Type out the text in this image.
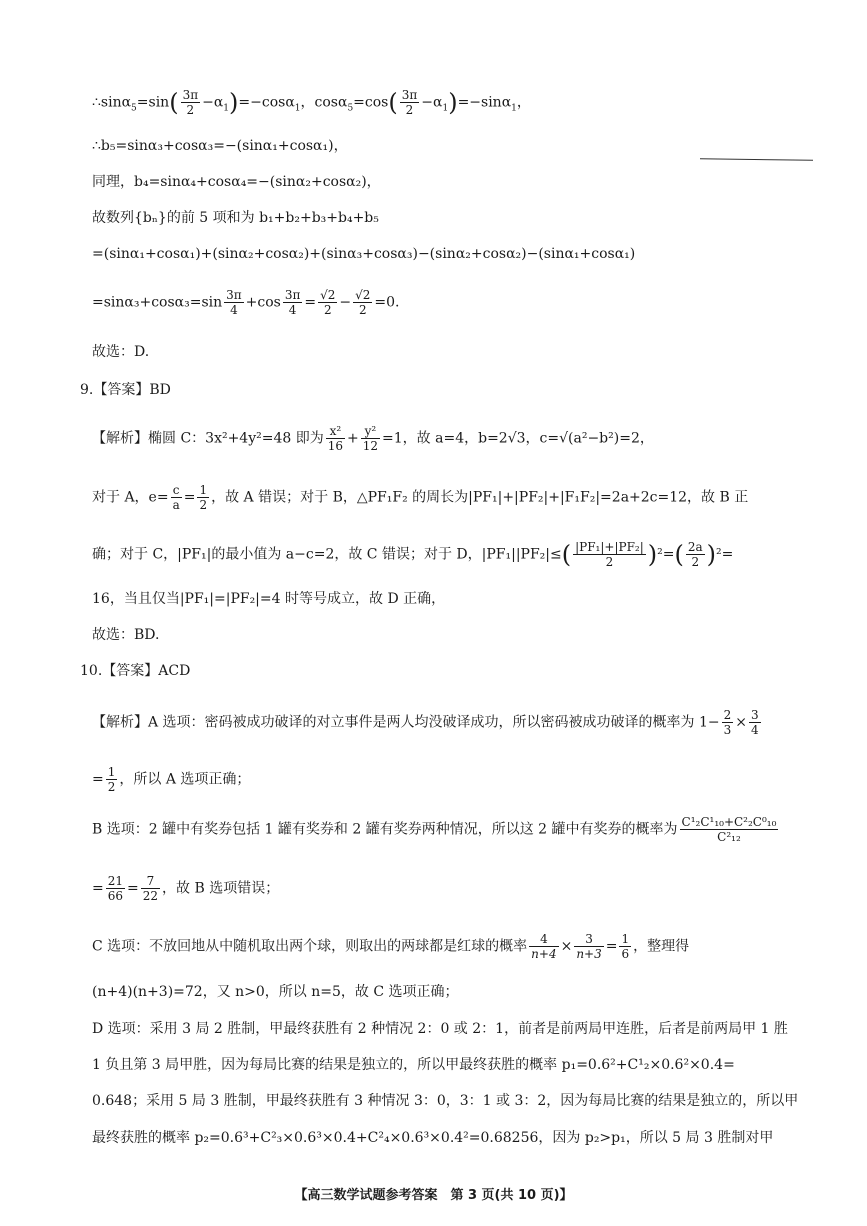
∴sinα$_5$=sin( $\frac{3\pi}{2} -\alpha_1)=-\cos\alpha_1$，$\cos\alpha_5=\cos( \frac{3\pi}{2} -\alpha_1)=-\sin\alpha_1$，
∴b₅=sinα₃+cosα₃=−(sinα₁+cosα₁)，
同理，b₄=sinα₄+cosα₄=−(sinα₂+cosα₂)，
故数列{bₙ}的前 5 项和为 b₁+b₂+b₃+b₄+b₅
=(sinα₁+cosα₁)+(sinα₂+cosα₂)+(sinα₃+cosα₃)−(sinα₂+cosα₂)−(sinα₁+cosα₁)
$=\sin\alpha_3+\cos\alpha_3=\sin \frac{3\pi}{4} +\cos \frac{3\pi}{4} = \frac{√2}{2} - \frac{√2}{2} =0$.
故选：D.
9.【答案】BD
【解析】椭圆 C：3x²+4y²=48 即为 $\frac{\text{x²}}{16} + \frac{\text{y²}}{12} =1$，故 a=4，b=2√3，c=√(a²−b²)=2，
对于 A，$e= \frac{c}{a} = \frac{1}{2}$ ，故 A 错误；对于 B，△PF₁F₂ 的周长为|PF₁|+|PF₂|+|F₁F₂|=2a+2c=12，故 B 正
确；对于 C，|PF₁|的最小值为 a−c=2，故 C 错误；对于 D，$|PF_1||PF_2|\le( \frac{\text{|PF₁|+|PF₂|}}{2} )^2=( \frac{2a}{2} )^2=$
16，当且仅当|PF₁|=|PF₂|=4 时等号成立，故 D 正确，
故选：BD.
10.【答案】ACD
【解析】A 选项：密码被成功破译的对立事件是两人均没破译成功，所以密码被成功破译的概率为 $1- \frac{2}{3} \times \frac{3}{4}$
= $\frac{1}{2}$ ，所以 A 选项正确；
B 选项：2 罐中有奖券包括 1 罐有奖券和 2 罐有奖券两种情况，所以这 2 罐中有奖券的概率为 $\frac{\text{C¹₂C¹₁₀+C²₂C⁰₁₀}}{\text{C²₁₂}}$
= $\frac{21}{66} = \frac{7}{22}$ ，故 B 选项错误；
C 选项：不放回地从中随机取出两个球，则取出的两球都是红球的概率 $\frac{4}{n+4} \times \frac{3}{n+3} = \frac{1}{6}$ ，整理得
(n+4)(n+3)=72，又 n>0，所以 n=5，故 C 选项正确；
D 选项：采用 3 局 2 胜制，甲最终获胜有 2 种情况 2：0 或 2：1，前者是前两局甲连胜，后者是前两局甲 1 胜
1 负且第 3 局甲胜，因为每局比赛的结果是独立的，所以甲最终获胜的概率 p₁=0.6²+C¹₂×0.6²×0.4=
0.648；采用 5 局 3 胜制，甲最终获胜有 3 种情况 3：0，3：1 或 3：2，因为每局比赛的结果是独立的，所以甲
最终获胜的概率 p₂=0.6³+C²₃×0.6³×0.4+C²₄×0.6³×0.4²=0.68256，因为 p₂>p₁，所以 5 局 3 胜制对甲
【高三数学试题参考答案　第 3 页(共 10 页)】
